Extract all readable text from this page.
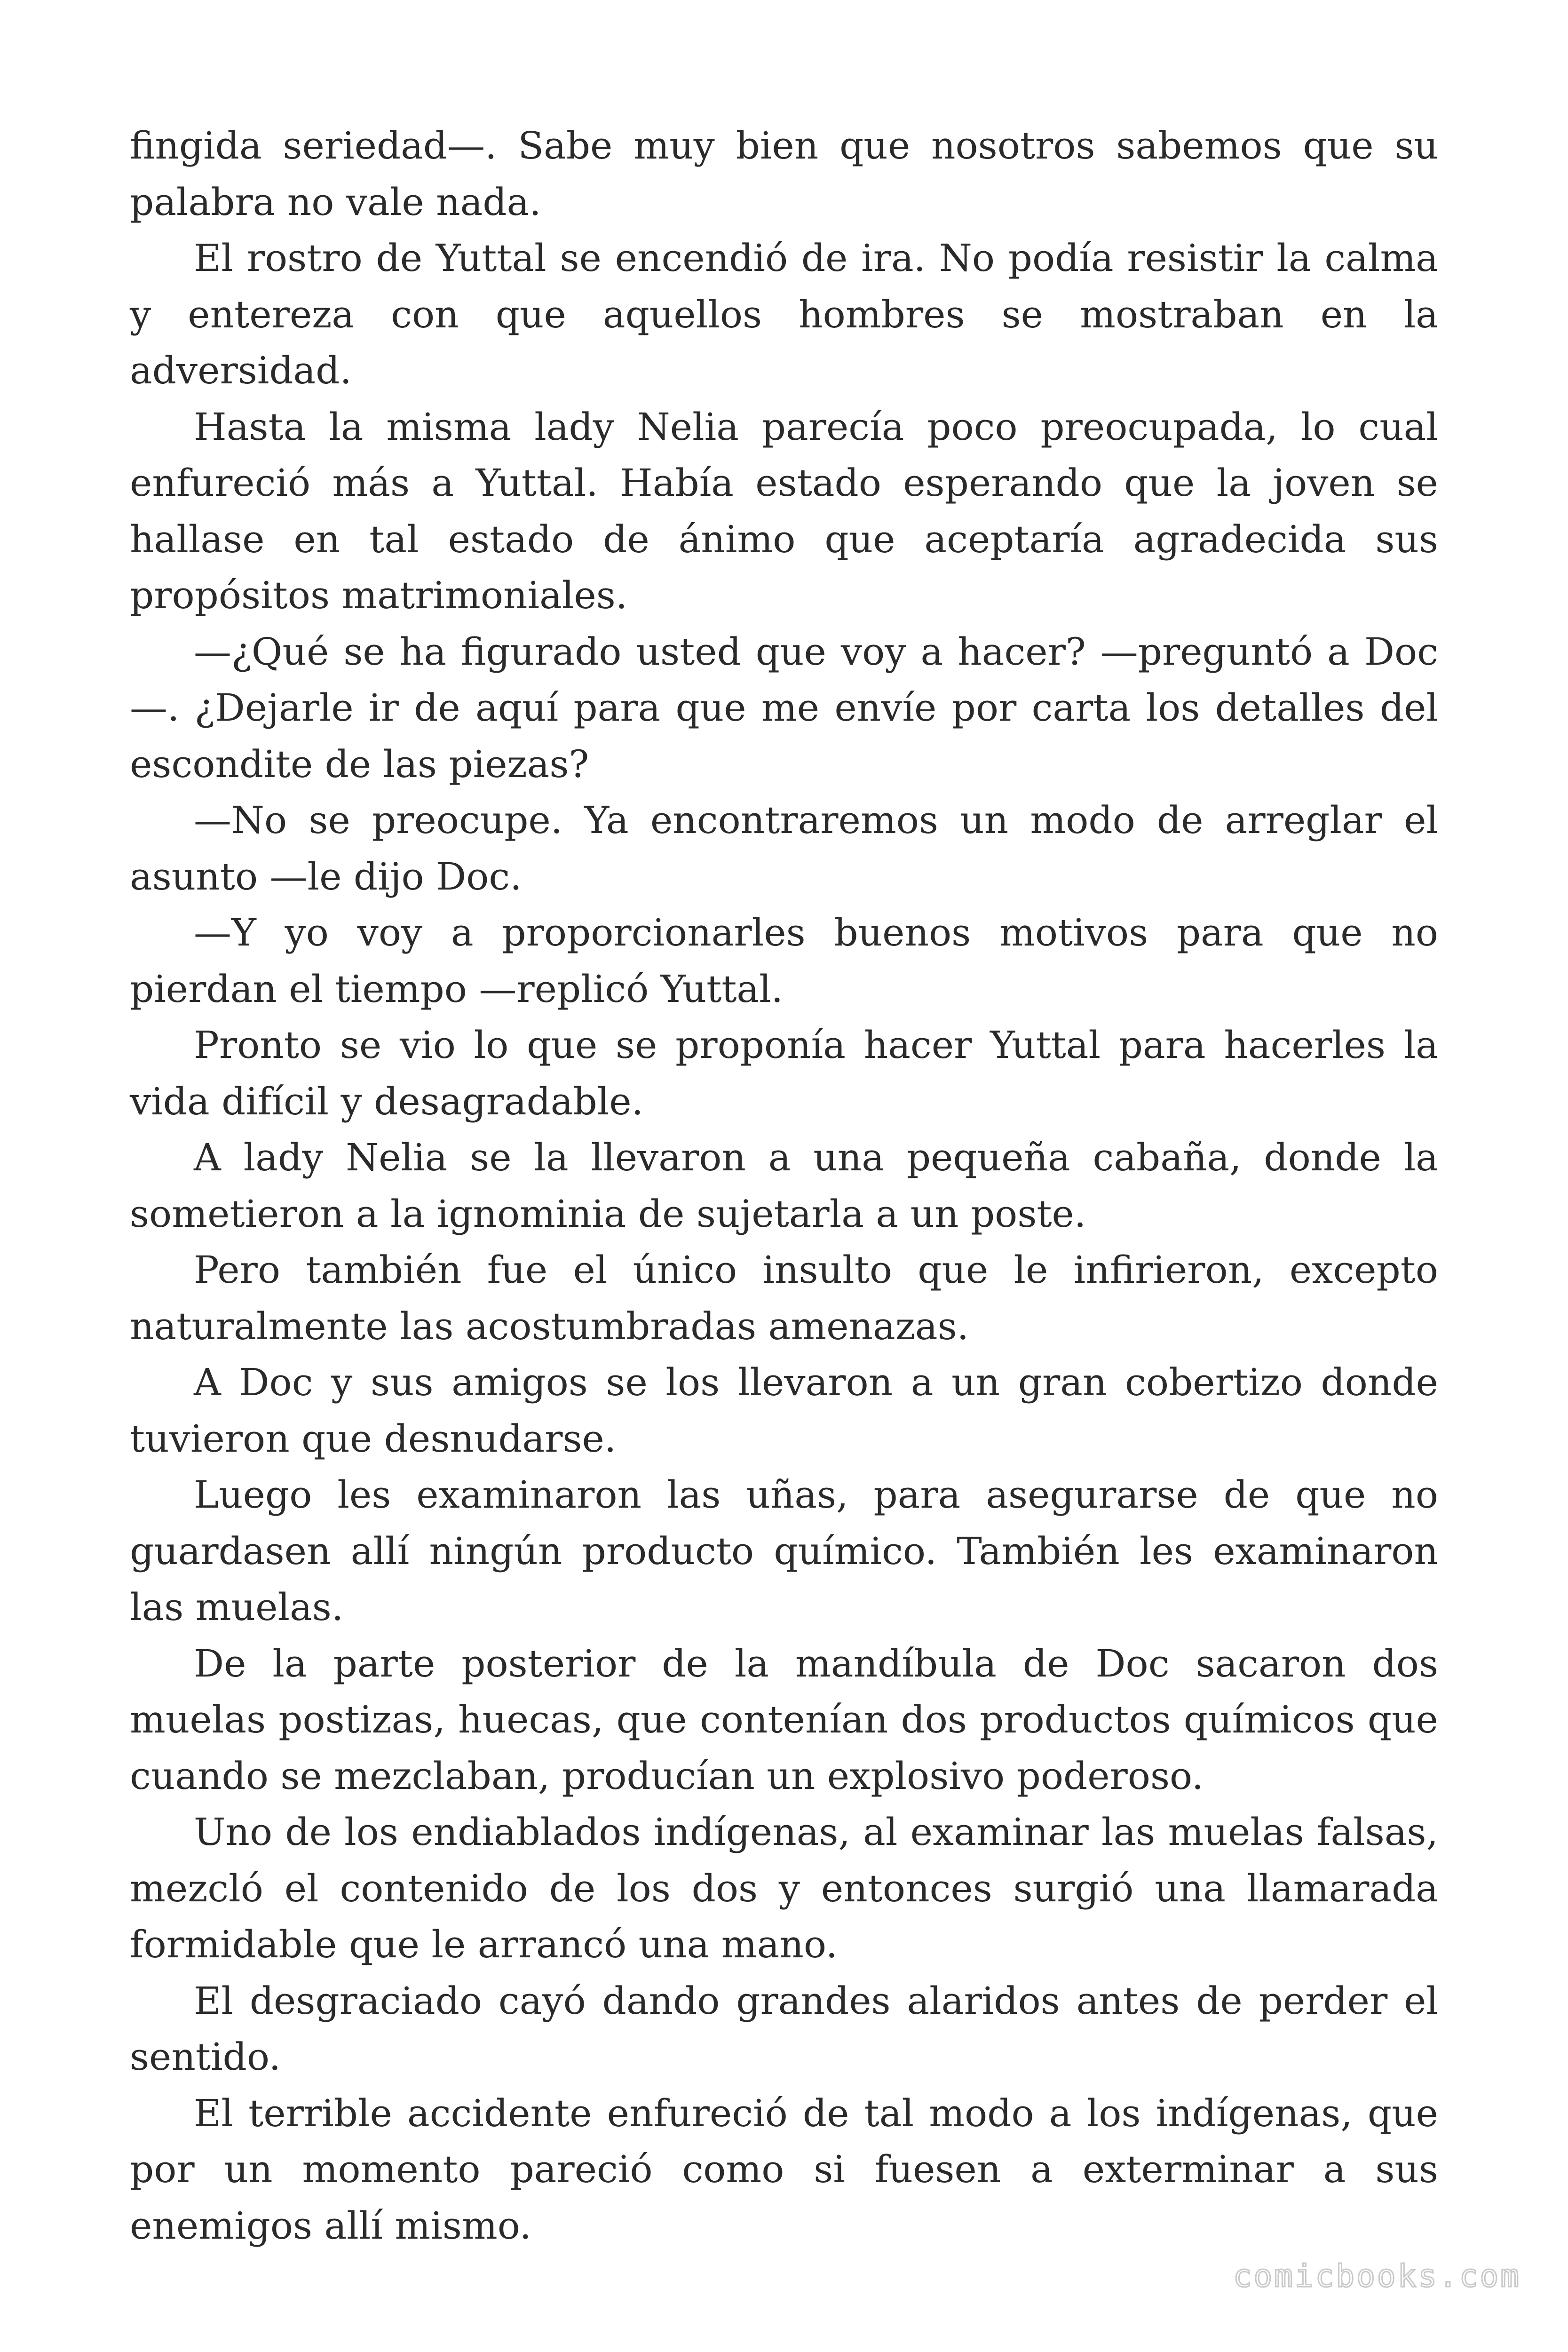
fingida seriedad—. Sabe muy bien que nosotros sabemos que su palabra no vale nada.

El rostro de Yuttal se encendió de ira. No podía resistir la calma y entereza con que aquellos hombres se mostraban en la adversidad.

Hasta la misma lady Nelia parecía poco preocupada, lo cual enfureció más a Yuttal. Había estado esperando que la joven se hallase en tal estado de ánimo que aceptaría agradecida sus propósitos matrimoniales.

—¿Qué se ha figurado usted que voy a hacer? —preguntó a Doc —. ¿Dejarle ir de aquí para que me envíe por carta los detalles del escondite de las piezas?

—No se preocupe. Ya encontraremos un modo de arreglar el asunto —le dijo Doc.

—Y yo voy a proporcionarles buenos motivos para que no pierdan el tiempo —replicó Yuttal.

Pronto se vio lo que se proponía hacer Yuttal para hacerles la vida difícil y desagradable.

A lady Nelia se la llevaron a una pequeña cabaña, donde la sometieron a la ignominia de sujetarla a un poste.

Pero también fue el único insulto que le infirieron, excepto naturalmente las acostumbradas amenazas.

A Doc y sus amigos se los llevaron a un gran cobertizo donde tuvieron que desnudarse.

Luego les examinaron las uñas, para asegurarse de que no guardasen allí ningún producto químico. También les examinaron las muelas.

De la parte posterior de la mandíbula de Doc sacaron dos muelas postizas, huecas, que contenían dos productos químicos que cuando se mezclaban, producían un explosivo poderoso.

Uno de los endiablados indígenas, al examinar las muelas falsas, mezcló el contenido de los dos y entonces surgió una llamarada formidable que le arrancó una mano.

El desgraciado cayó dando grandes alaridos antes de perder el sentido.

El terrible accidente enfureció de tal modo a los indígenas, que por un momento pareció como si fuesen a exterminar a sus enemigos allí mismo.

comicbooks.com
